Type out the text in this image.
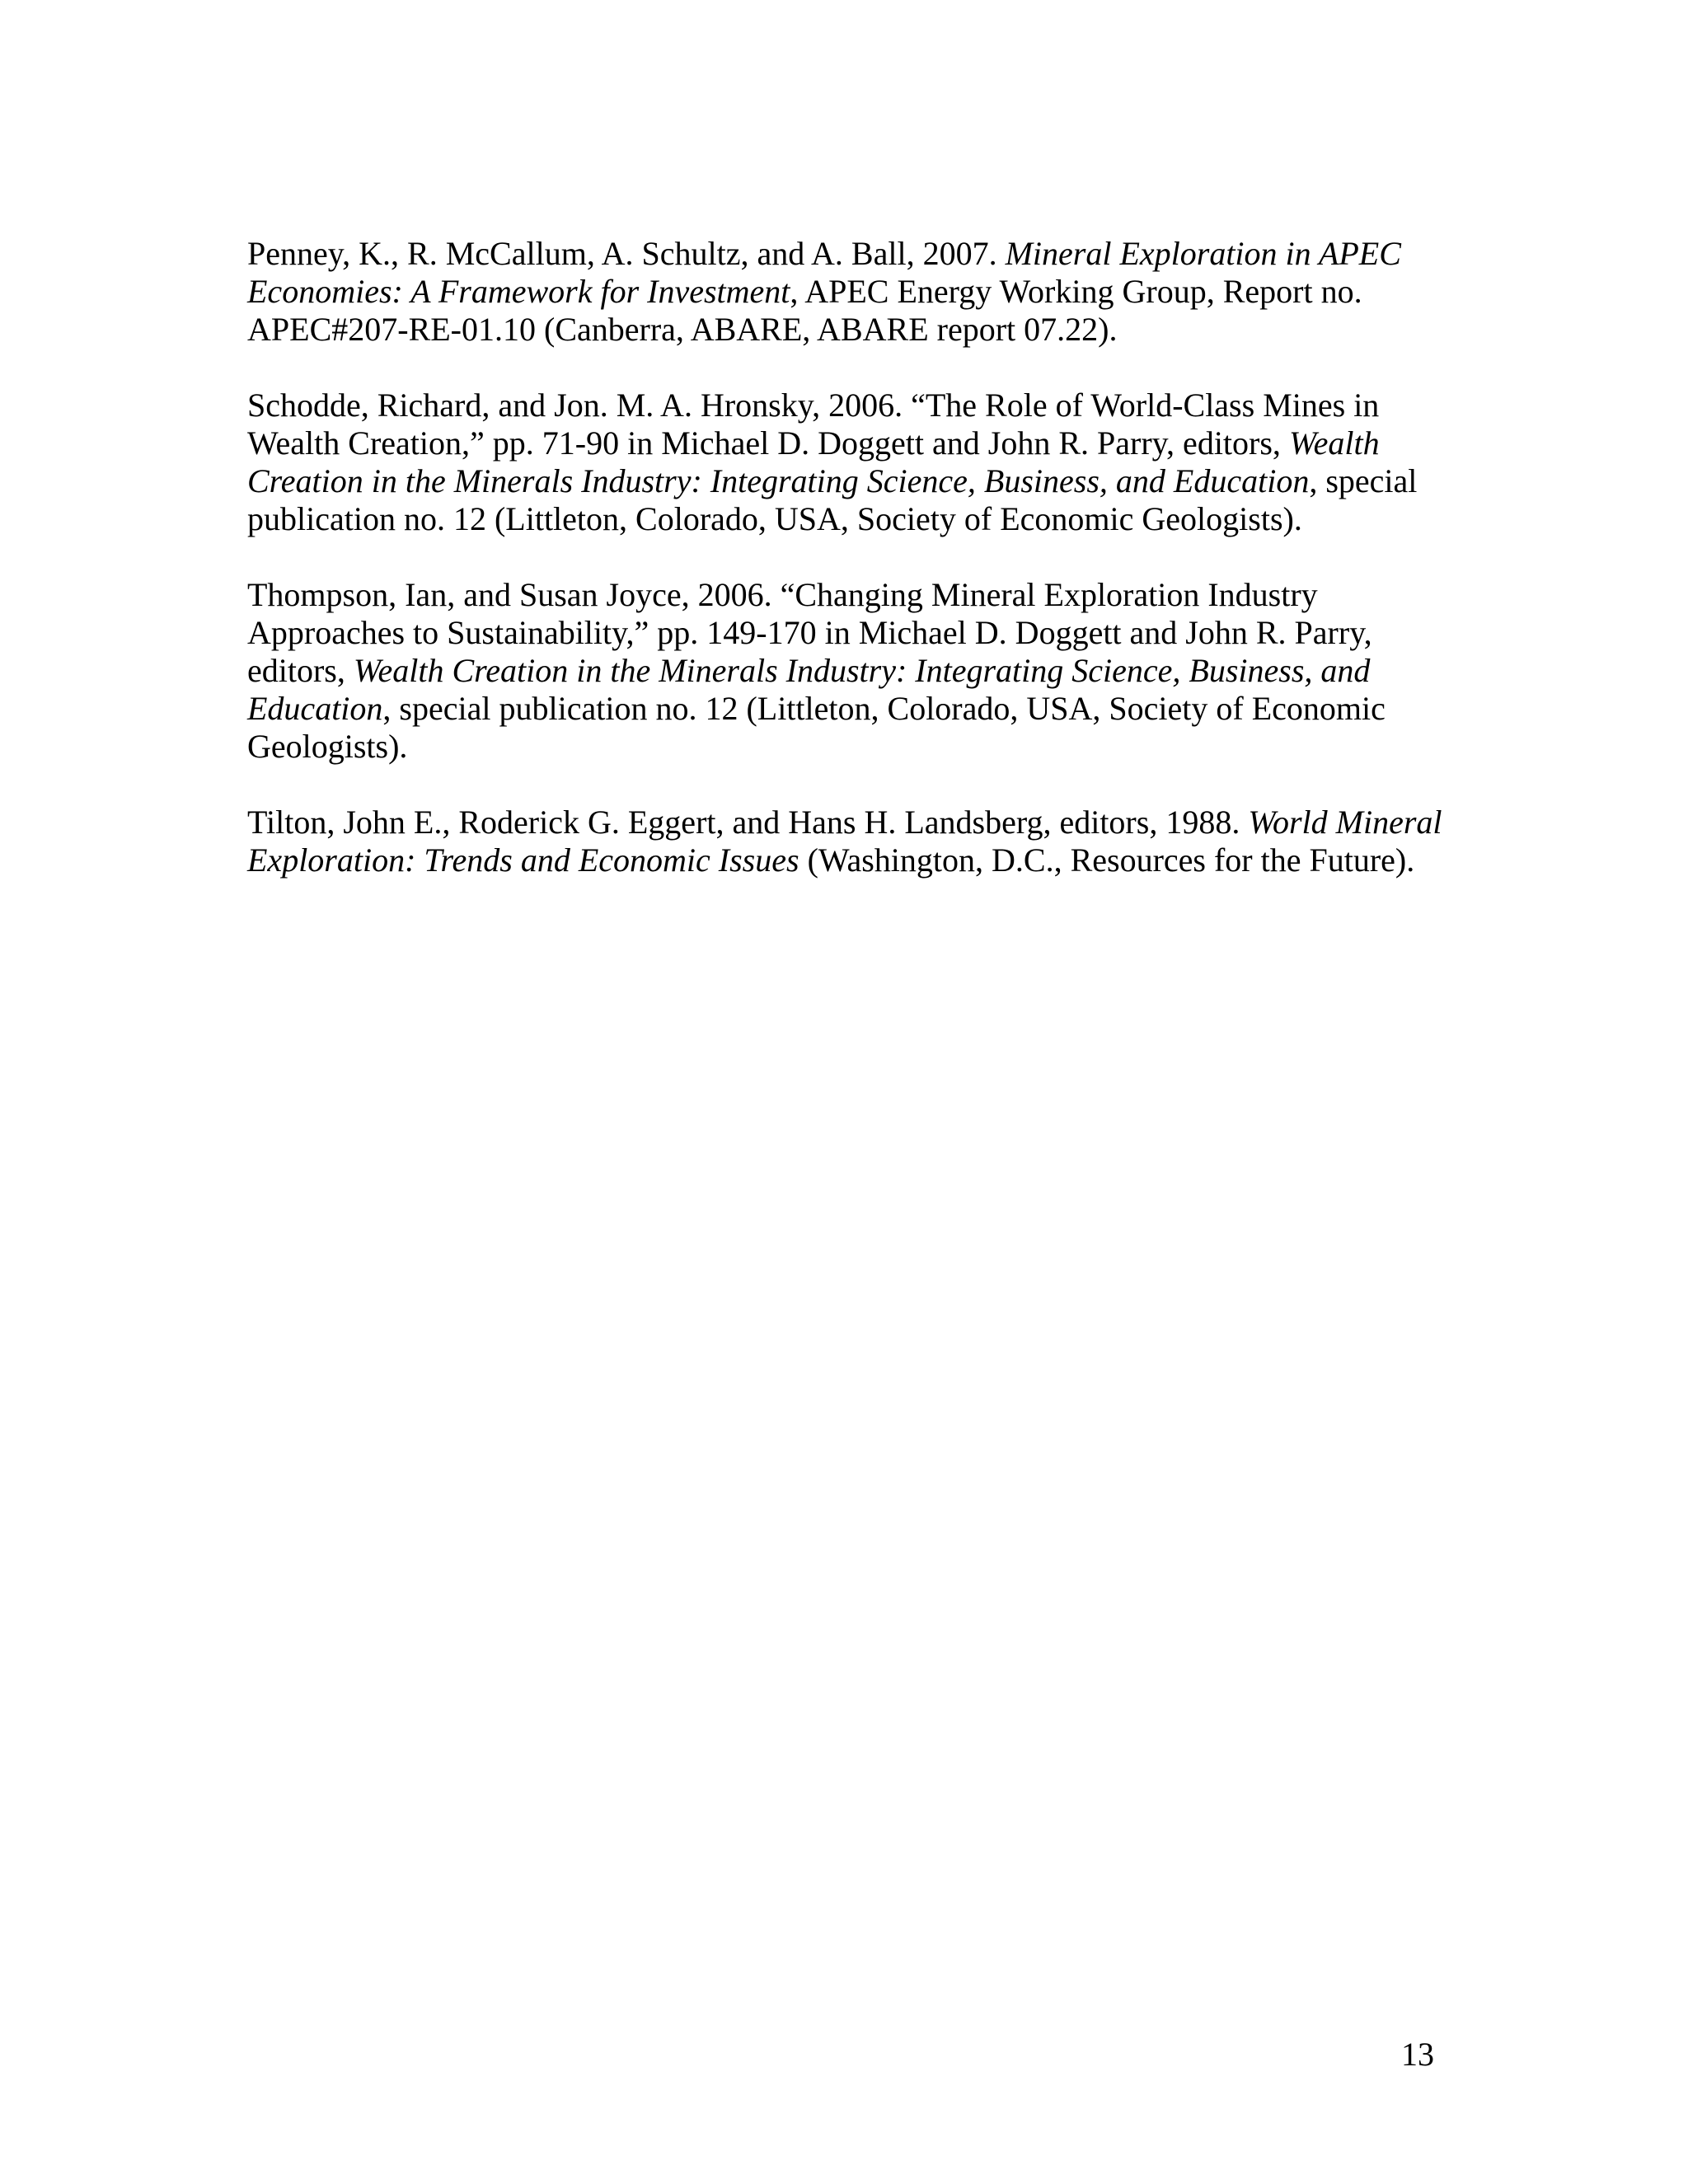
Penney, K., R. McCallum, A. Schultz, and A. Ball, 2007. Mineral Exploration in APEC Economies: A Framework for Investment, APEC Energy Working Group, Report no. APEC#207-RE-01.10 (Canberra, ABARE, ABARE report 07.22).

Schodde, Richard, and Jon. M. A. Hronsky, 2006. “The Role of World-Class Mines in Wealth Creation,” pp. 71-90 in Michael D. Doggett and John R. Parry, editors, Wealth Creation in the Minerals Industry: Integrating Science, Business, and Education, special publication no. 12 (Littleton, Colorado, USA, Society of Economic Geologists).

Thompson, Ian, and Susan Joyce, 2006. “Changing Mineral Exploration Industry Approaches to Sustainability,” pp. 149-170 in Michael D. Doggett and John R. Parry, editors, Wealth Creation in the Minerals Industry: Integrating Science, Business, and Education, special publication no. 12 (Littleton, Colorado, USA, Society of Economic Geologists).

Tilton, John E., Roderick G. Eggert, and Hans H. Landsberg, editors, 1988. World Mineral Exploration: Trends and Economic Issues (Washington, D.C., Resources for the Future).

13
